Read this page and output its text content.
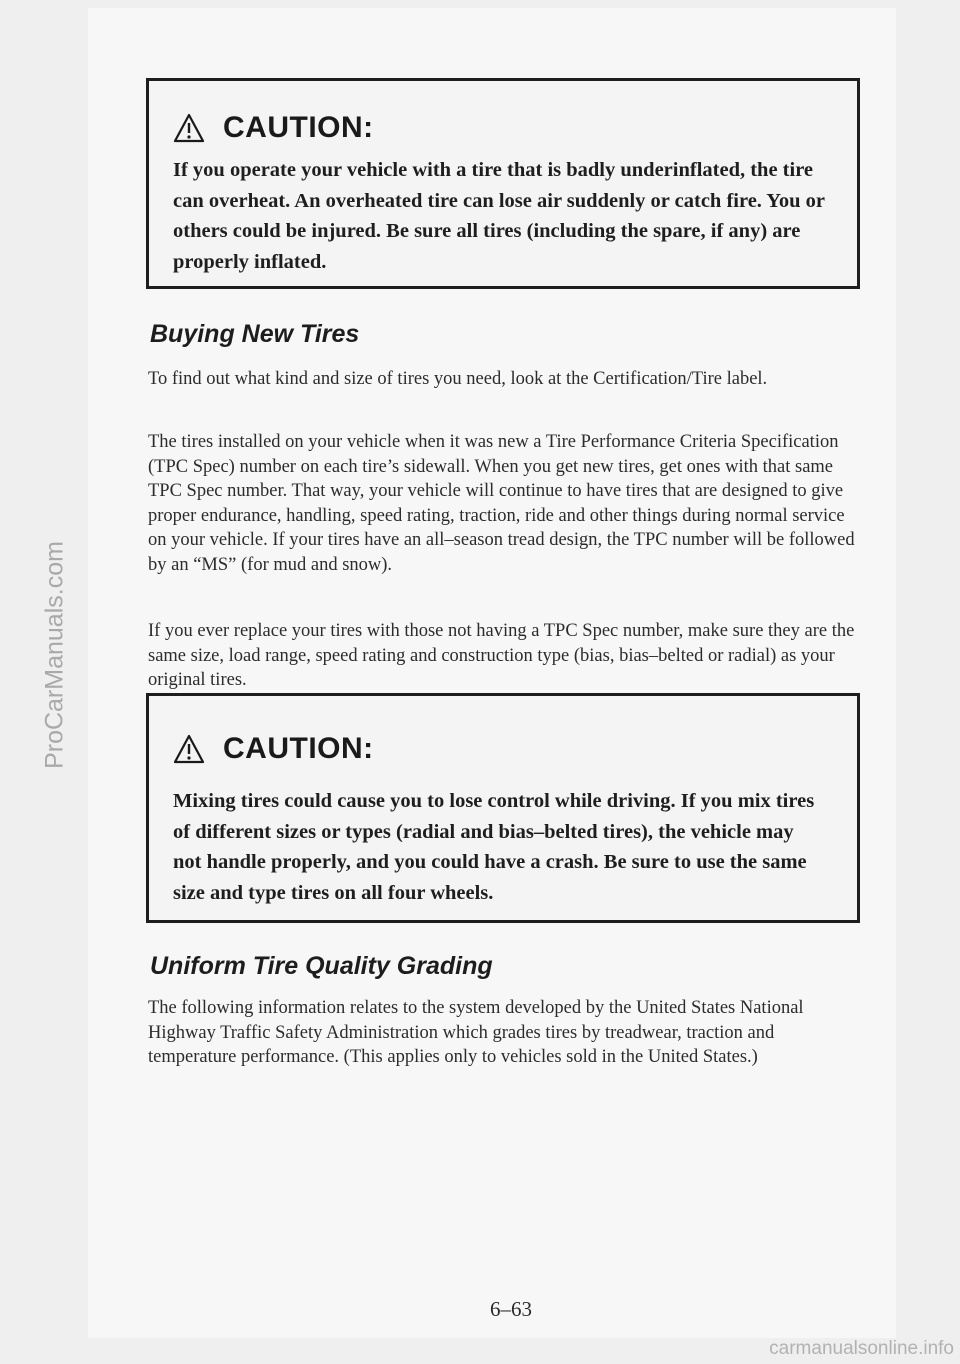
ProCarManuals.com
CAUTION:
If you operate your vehicle with a tire that is badly underinflated, the tire can overheat. An overheated tire can lose air suddenly or catch fire. You or others could be injured. Be sure all tires (including the spare, if any) are properly inflated.
Buying New Tires

To find out what kind and size of tires you need, look at the Certification/Tire label.

The tires installed on your vehicle when it was new a Tire Performance Criteria Specification (TPC Spec) number on each tire’s sidewall. When you get new tires, get ones with that same TPC Spec number. That way, your vehicle will continue to have tires that are designed to give proper endurance, handling, speed rating, traction, ride and other things during normal service on your vehicle. If your tires have an all–season tread design, the TPC number will be followed by an “MS” (for mud and snow).

If you ever replace your tires with those not having a TPC Spec number, make sure they are the same size, load range, speed rating and construction type (bias, bias–belted or radial) as your original tires.

CAUTION:
Mixing tires could cause you to lose control while driving. If you mix tires of different sizes or types (radial and bias–belted tires), the vehicle may not handle properly, and you could have a crash. Be sure to use the same size and type tires on all four wheels.
Uniform Tire Quality Grading

The following information relates to the system developed by the United States National Highway Traffic Safety Administration which grades tires by treadwear, traction and temperature performance. (This applies only to vehicles sold in the United States.)

6–63
carmanualsonline.info
